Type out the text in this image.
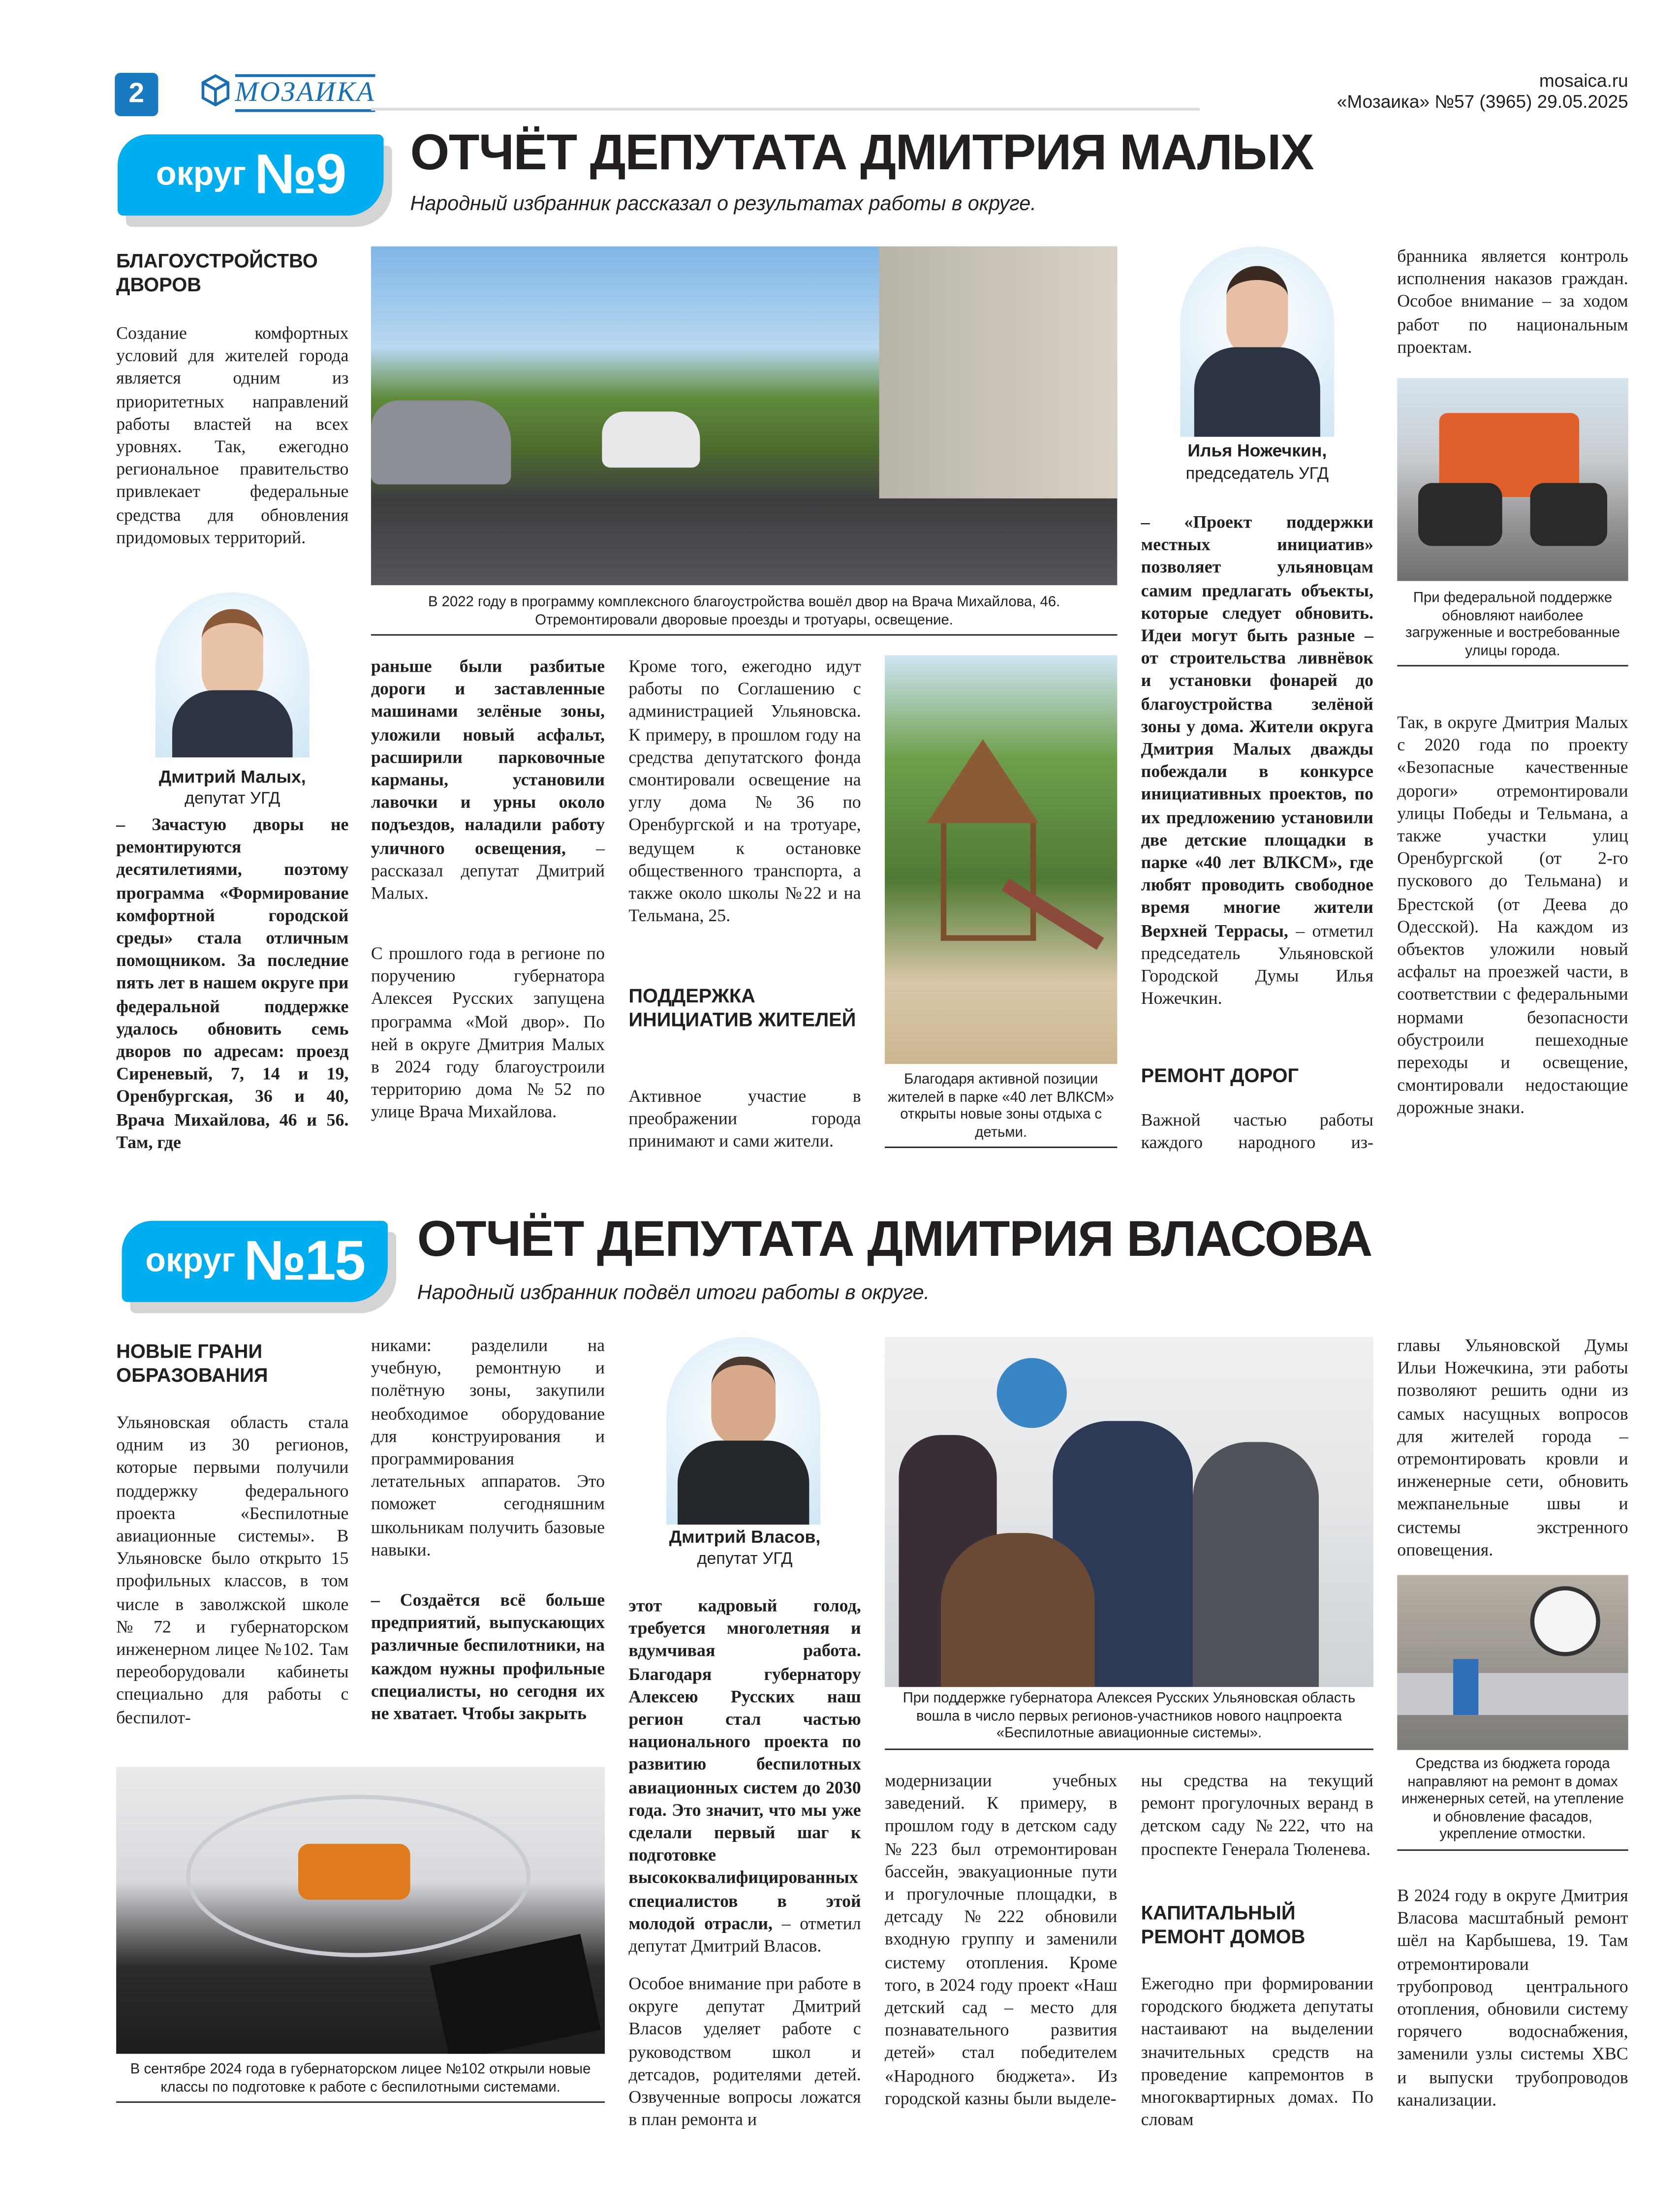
2	МОЗАИКА	mosaica.ru
«Мозаика» №57 (3965) 29.05.2025
округ №9	ОТЧЁТ ДЕПУТАТА ДМИТРИЯ МАЛЫХ
Народный избранник рассказал о результатах работы в округе.

БЛАГОУСТРОЙСТВО ДВОРОВ

Создание комфортных условий для жителей города является одним из приоритетных направлений работы властей на всех уровнях. Так, ежегодно региональное правительство привлекает федеральные средства для обновления придомовых территорий.

В 2022 году в программу комплексного благоустройства вошёл двор на Врача Михайлова, 46. Отремонтировали дворовые проезды и тротуары, освещение.
Дмитрий Малых,
депутат УГД

– Зачастую дворы не ремонтируются десятилетиями, поэтому программа «Формирование комфортной городской среды» стала отличным помощником. За последние пять лет в нашем округе при федеральной поддержке удалось обновить семь дворов по адресам: проезд Сиреневый, 7, 14 и 19, Оренбургская, 36 и 40, Врача Михайлова, 46 и 56. Там, где

раньше были разбитые дороги и заставленные машинами зелёные зоны, уложили новый асфальт, расширили парковочные карманы, установили лавочки и урны около подъездов, наладили работу уличного освещения, – рассказал депутат Дмитрий Малых.

С прошлого года в регионе по поручению губернатора Алексея Русских запущена программа «Мой двор». По ней в округе Дмитрия Малых в 2024 году благоустроили территорию дома №52 по улице Врача Михайлова.

Кроме того, ежегодно идут работы по Соглашению с администрацией Ульяновска. К примеру, в прошлом году на средства депутатского фонда смонтировали освещение на углу дома №36 по Оренбургской и на тротуаре, ведущем к остановке общественного транспорта, а также около школы №22 и на Тельмана, 25.

ПОДДЕРЖКА ИНИЦИАТИВ ЖИТЕЛЕЙ

Активное участие в преображении города принимают и сами жители.

Благодаря активной позиции жителей в парке «40 лет ВЛКСМ» открыты новые зоны отдыха с детьми.
Илья Ножечкин,
председатель УГД

– «Проект поддержки местных инициатив» позволяет ульяновцам самим предлагать объекты, которые следует обновить. Идеи могут быть разные – от строительства ливнёвок и установки фонарей до благоустройства зелёной зоны у дома. Жители округа Дмитрия Малых дважды побеждали в конкурсе инициативных проектов, по их предложению установили две детские площадки в парке «40 лет ВЛКСМ», где любят проводить свободное время многие жители Верхней Террасы, – отметил председатель Ульяновской Городской Думы Илья Ножечкин.

РЕМОНТ ДОРОГ

Важной частью работы каждого народного из-

бранника является контроль исполнения наказов граждан. Особое внимание – за ходом работ по национальным проектам.

При федеральной поддержке обновляют наиболее загруженные и востребованные улицы города.

Так, в округе Дмитрия Малых с 2020 года по проекту «Безопасные качественные дороги» отремонтировали улицы Победы и Тельмана, а также участки улиц Оренбургской (от 2-го пускового до Тельмана) и Брестской (от Деева до Одесской). На каждом из объектов уложили новый асфальт на проезжей части, в соответствии с федеральными нормами безопасности обустроили пешеходные переходы и освещение, смонтировали недостающие дорожные знаки.

округ №15	ОТЧЁТ ДЕПУТАТА ДМИТРИЯ ВЛАСОВА
Народный избранник подвёл итоги работы в округе.

НОВЫЕ ГРАНИ ОБРАЗОВАНИЯ

Ульяновская область стала одним из 30 регионов, которые первыми получили поддержку федерального проекта «Беспилотные авиационные системы». В Ульяновске было открыто 15 профильных классов, в том числе в заволжской школе №72 и губернаторском инженерном лицее №102. Там переоборудовали кабинеты специально для работы с беспилот-

никами: разделили на учебную, ремонтную и полётную зоны, закупили необходимое оборудование для конструирования и программирования летательных аппаратов. Это поможет сегодняшним школьникам получить базовые навыки.

– Создаётся всё больше предприятий, выпускающих различные беспилотники, на каждом нужны профильные специалисты, но сегодня их не хватает. Чтобы закрыть

Дмитрий Власов,
депутат УГД

этот кадровый голод, требуется многолетняя и вдумчивая работа. Благодаря губернатору Алексею Русских наш регион стал частью национального проекта по развитию беспилотных авиационных систем до 2030 года. Это значит, что мы уже сделали первый шаг к подготовке высококвалифицированных специалистов в этой молодой отрасли, – отметил депутат Дмитрий Власов.

Особое внимание при работе в округе депутат Дмитрий Власов уделяет работе с руководством школ и детсадов, родителями детей. Озвученные вопросы ложатся в план ремонта и

При поддержке губернатора Алексея Русских Ульяновская область вошла в число первых регионов-участников нового нацпроекта «Беспилотные авиационные системы».

главы Ульяновской Думы Ильи Ножечкина, эти работы позволяют решить одни из самых насущных вопросов для жителей города – отремонтировать кровли и инженерные сети, обновить межпанельные швы и системы экстренного оповещения.

Средства из бюджета города направляют на ремонт в домах инженерных сетей, на утепление и обновление фасадов, укрепление отмостки.

В 2024 году в округе Дмитрия Власова масштабный ремонт шёл на Карбышева, 19. Там отремонтировали трубопровод центрального отопления, обновили систему горячего водоснабжения, заменили узлы системы ХВС и выпуски трубопроводов канализации.

В сентябре 2024 года в губернаторском лицее №102 открыли новые классы по подготовке к работе с беспилотными системами.

модернизации учебных заведений. К примеру, в прошлом году в детском саду №223 был отремонтирован бассейн, эвакуационные пути и прогулочные площадки, в детсаду №222 обновили входную группу и заменили систему отопления. Кроме того, в 2024 году проект «Наш детский сад – место для познавательного развития детей» стал победителем «Народного бюджета». Из городской казны были выделе-

ны средства на текущий ремонт прогулочных веранд в детском саду №222, что на проспекте Генерала Тюленева.

КАПИТАЛЬНЫЙ РЕМОНТ ДОМОВ

Ежегодно при формировании городского бюджета депутаты настаивают на выделении значительных средств на проведение капремонтов в многоквартирных домах. По словам
